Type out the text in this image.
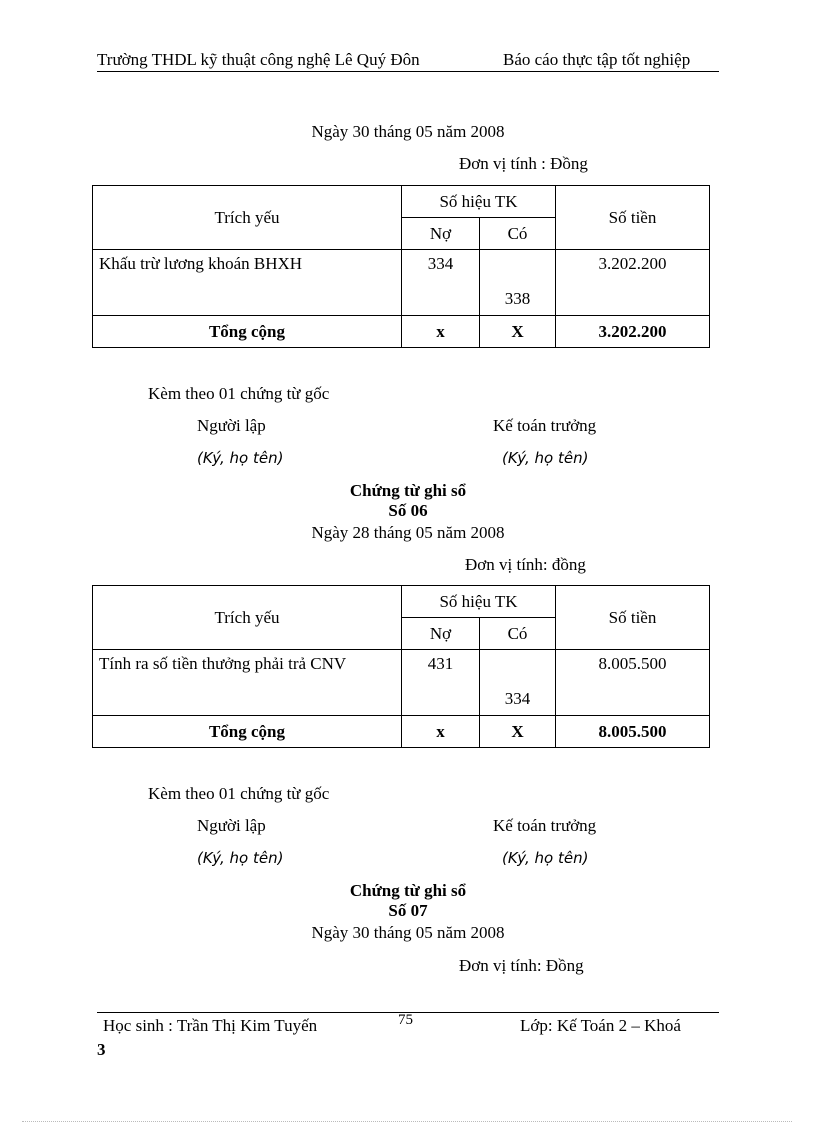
Trường THDL kỹ thuật công nghệ Lê Quý Đôn	Báo cáo thực tập tốt nghiệp
Ngày 30 tháng 05 năm 2008
Đơn vị tính : Đồng
Trích yếu	Số hiệu TK		Số tiền
	Nợ	Có	
Khấu trừ lương khoán BHXH	334	338	3.202.200
Tổng cộng	x	X	3.202.200
Kèm theo 01 chứng từ gốc
Người lập	Kế toán trưởng
(Ký, họ tên)	(Ký, họ tên)
Chứng từ ghi sổ
Số 06
Ngày 28 tháng 05 năm 2008
Đơn vị tính: đồng
Trích yếu	Số hiệu TK		Số tiền
	Nợ	Có	
Tính ra số tiền thưởng phải trả CNV	431	334	8.005.500
Tổng cộng	x	X	8.005.500
Kèm theo 01 chứng từ gốc
Người lập	Kế toán trưởng
(Ký, họ tên)	(Ký, họ tên)
Chứng từ ghi sổ
Số 07
Ngày 30 tháng 05 năm 2008
Đơn vị tính: Đồng
Học sinh : Trần Thị Kim Tuyến	75	Lớp: Kế Toán 2 – Khoá
3
